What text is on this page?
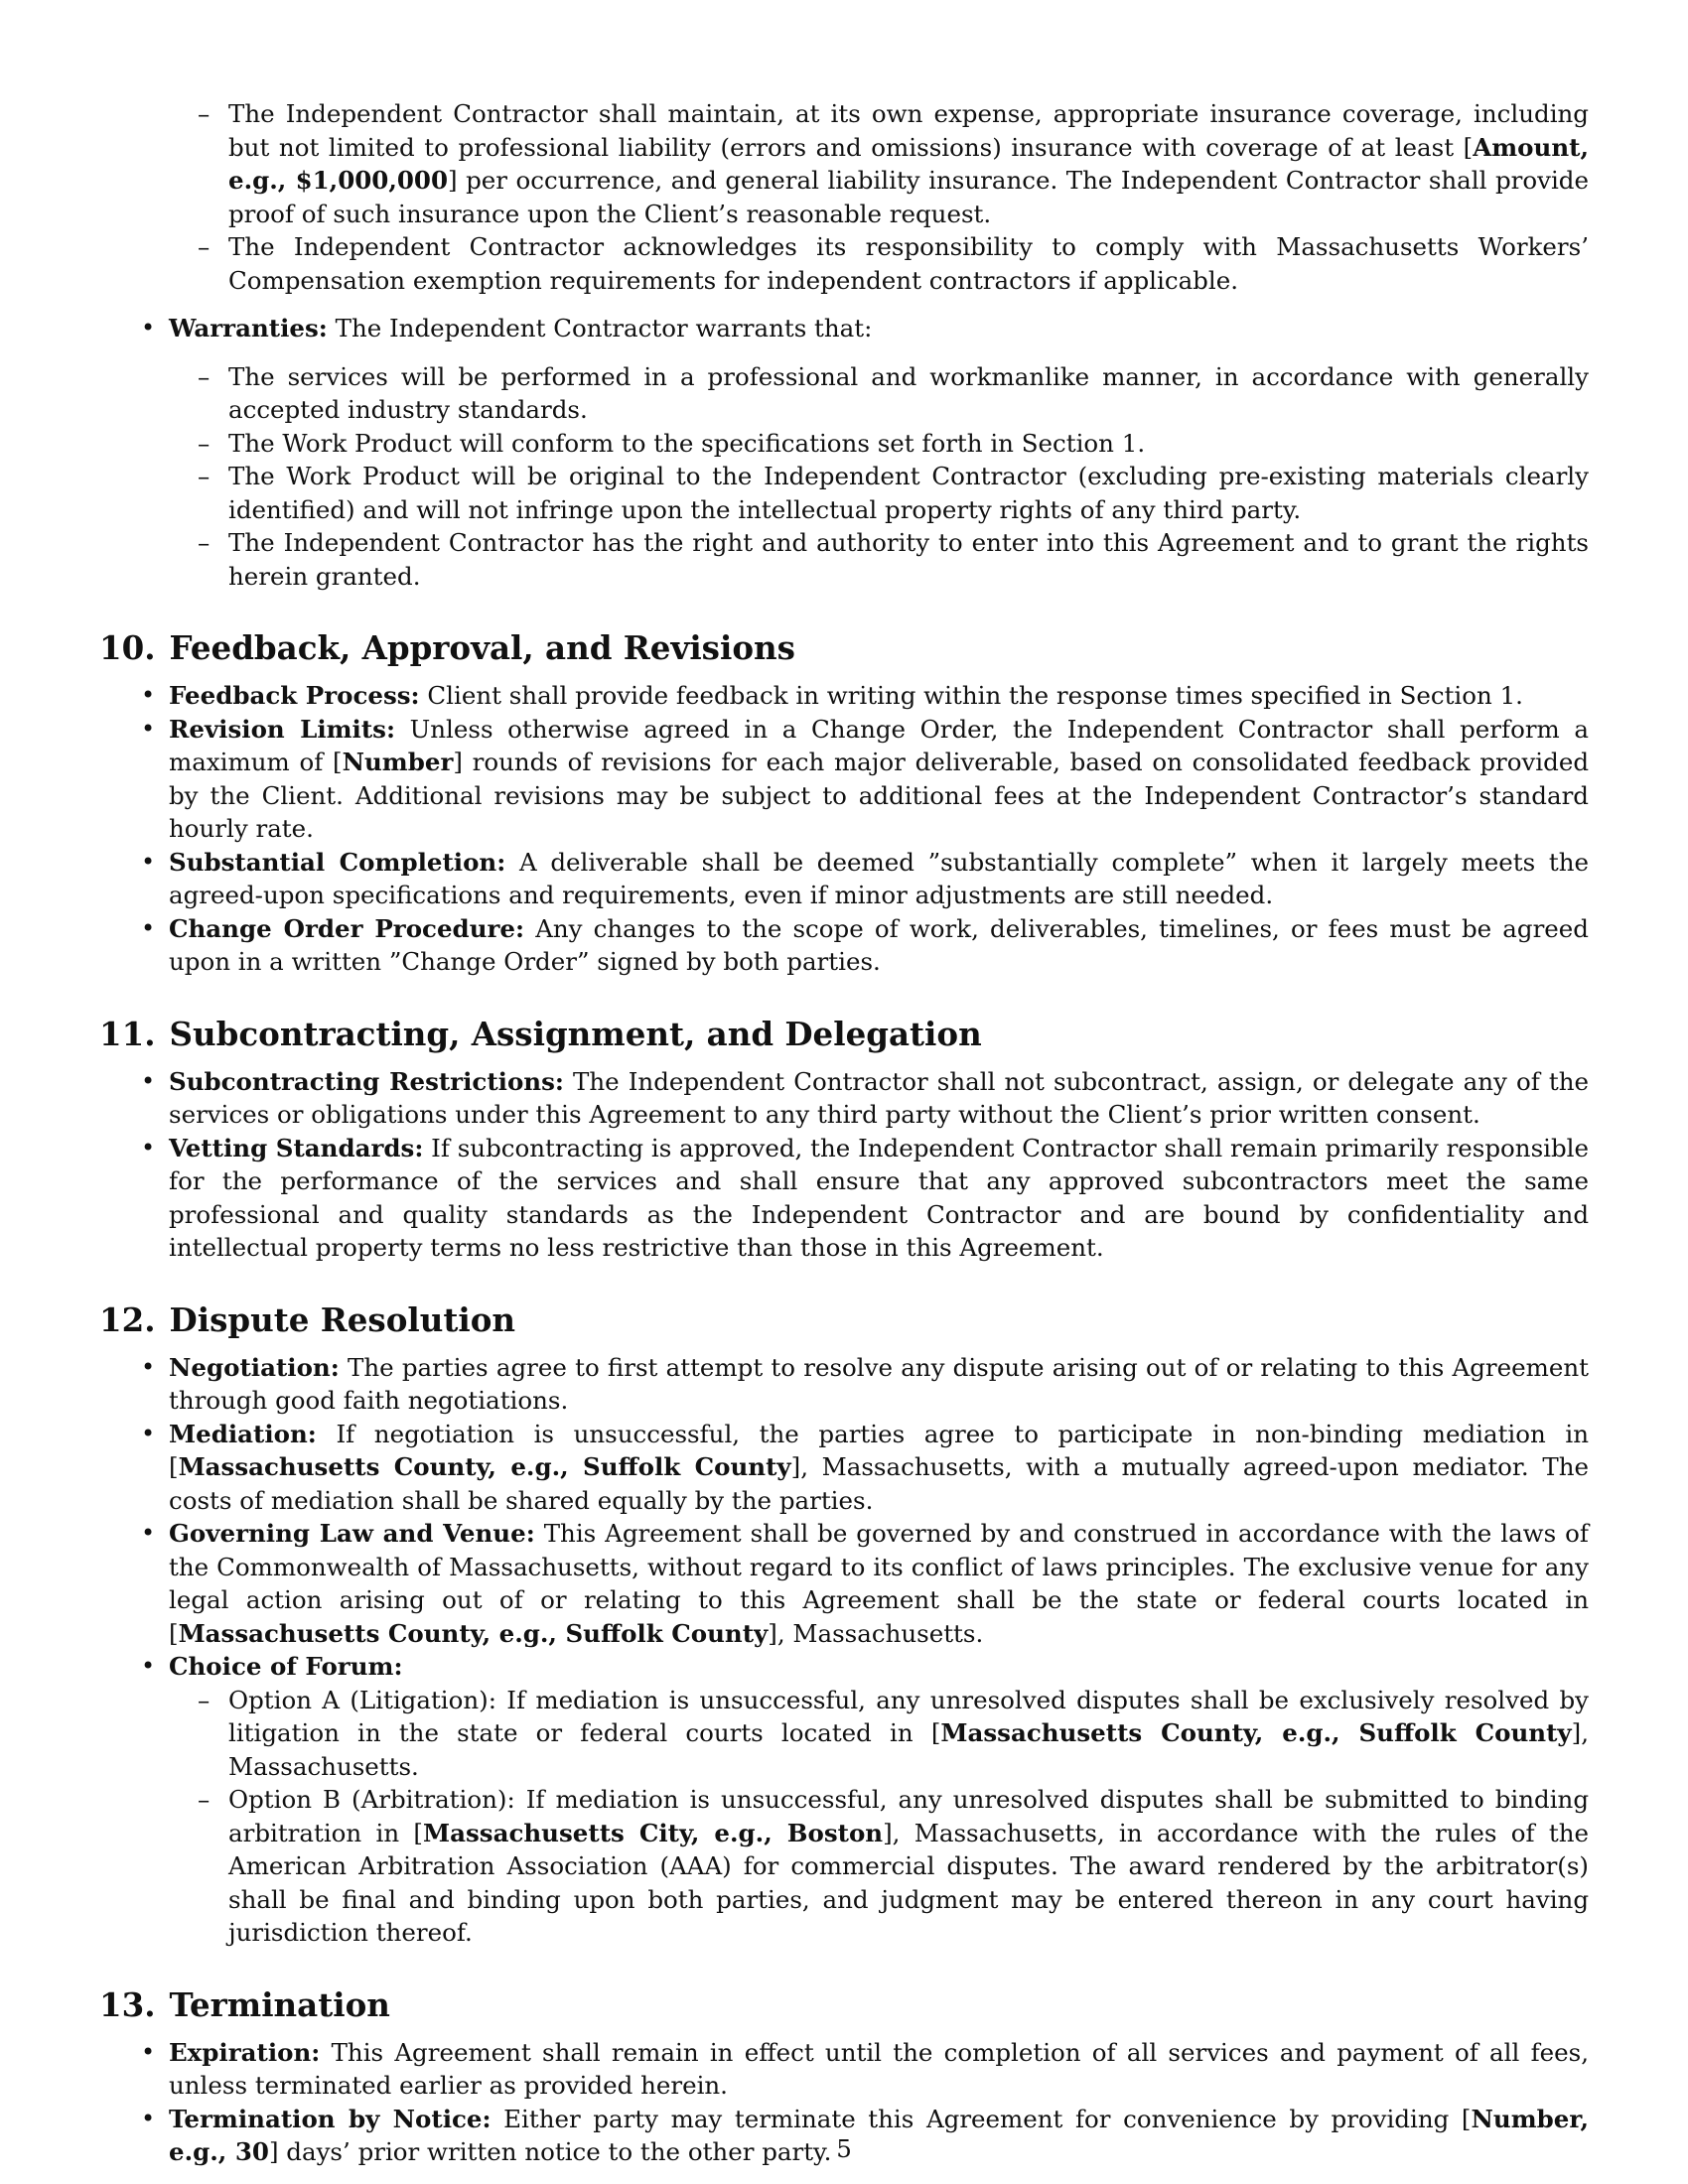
– The Independent Contractor shall maintain, at its own expense, appropriate insurance coverage, including but not limited to professional liability (errors and omissions) insurance with coverage of at least [Amount, e.g., $1,000,000] per occurrence, and general liability insurance. The Independent Contractor shall provide proof of such insurance upon the Client’s reasonable request.
– The Independent Contractor acknowledges its responsibility to comply with Massachusetts Workers’ Compensation exemption requirements for independent contractors if applicable.
• Warranties: The Independent Contractor warrants that:
– The services will be performed in a professional and workmanlike manner, in accordance with generally accepted industry standards.
– The Work Product will conform to the specifications set forth in Section 1.
– The Work Product will be original to the Independent Contractor (excluding pre-existing materials clearly identified) and will not infringe upon the intellectual property rights of any third party.
– The Independent Contractor has the right and authority to enter into this Agreement and to grant the rights herein granted.
10. Feedback, Approval, and Revisions
• Feedback Process: Client shall provide feedback in writing within the response times specified in Section 1.
• Revision Limits: Unless otherwise agreed in a Change Order, the Independent Contractor shall perform a maximum of [Number] rounds of revisions for each major deliverable, based on consolidated feedback provided by the Client. Additional revisions may be subject to additional fees at the Independent Contractor’s standard hourly rate.
• Substantial Completion: A deliverable shall be deemed ”substantially complete” when it largely meets the agreed-upon specifications and requirements, even if minor adjustments are still needed.
• Change Order Procedure: Any changes to the scope of work, deliverables, timelines, or fees must be agreed upon in a written ”Change Order” signed by both parties.
11. Subcontracting, Assignment, and Delegation
• Subcontracting Restrictions: The Independent Contractor shall not subcontract, assign, or delegate any of the services or obligations under this Agreement to any third party without the Client’s prior written consent.
• Vetting Standards: If subcontracting is approved, the Independent Contractor shall remain primarily responsible for the performance of the services and shall ensure that any approved subcontractors meet the same professional and quality standards as the Independent Contractor and are bound by confidentiality and intellectual property terms no less restrictive than those in this Agreement.
12. Dispute Resolution
• Negotiation: The parties agree to first attempt to resolve any dispute arising out of or relating to this Agreement through good faith negotiations.
• Mediation: If negotiation is unsuccessful, the parties agree to participate in non-binding mediation in [Massachusetts County, e.g., Suffolk County], Massachusetts, with a mutually agreed-upon mediator. The costs of mediation shall be shared equally by the parties.
• Governing Law and Venue: This Agreement shall be governed by and construed in accordance with the laws of the Commonwealth of Massachusetts, without regard to its conflict of laws principles. The exclusive venue for any legal action arising out of or relating to this Agreement shall be the state or federal courts located in [Massachusetts County, e.g., Suffolk County], Massachusetts.
• Choice of Forum:
– Option A (Litigation): If mediation is unsuccessful, any unresolved disputes shall be exclusively resolved by litigation in the state or federal courts located in [Massachusetts County, e.g., Suffolk County], Massachusetts.
– Option B (Arbitration): If mediation is unsuccessful, any unresolved disputes shall be submitted to binding arbitration in [Massachusetts City, e.g., Boston], Massachusetts, in accordance with the rules of the American Arbitration Association (AAA) for commercial disputes. The award rendered by the arbitrator(s) shall be final and binding upon both parties, and judgment may be entered thereon in any court having jurisdiction thereof.
13. Termination
• Expiration: This Agreement shall remain in effect until the completion of all services and payment of all fees, unless terminated earlier as provided herein.
• Termination by Notice: Either party may terminate this Agreement for convenience by providing [Number, e.g., 30] days’ prior written notice to the other party. 5
